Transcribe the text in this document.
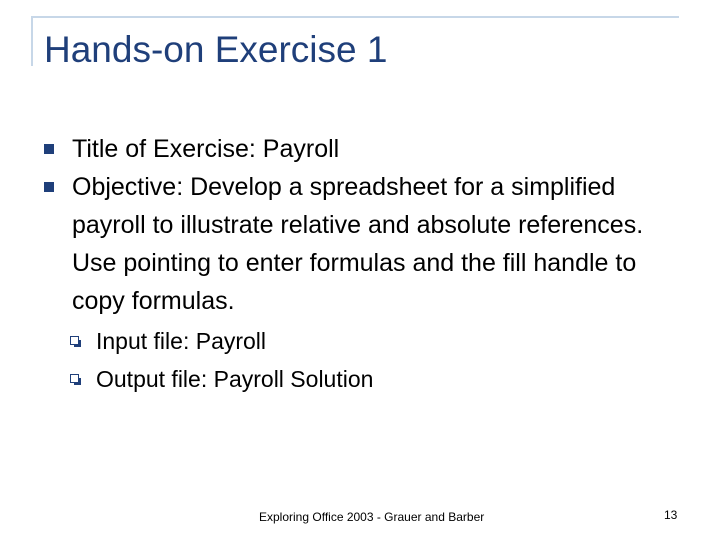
Hands-on Exercise 1
Title of Exercise: Payroll
Objective: Develop a spreadsheet for a simplified payroll to illustrate relative and absolute references. Use pointing to enter formulas and the fill handle to copy formulas.
Input file: Payroll
Output file: Payroll Solution
Exploring Office 2003 - Grauer and Barber	13
